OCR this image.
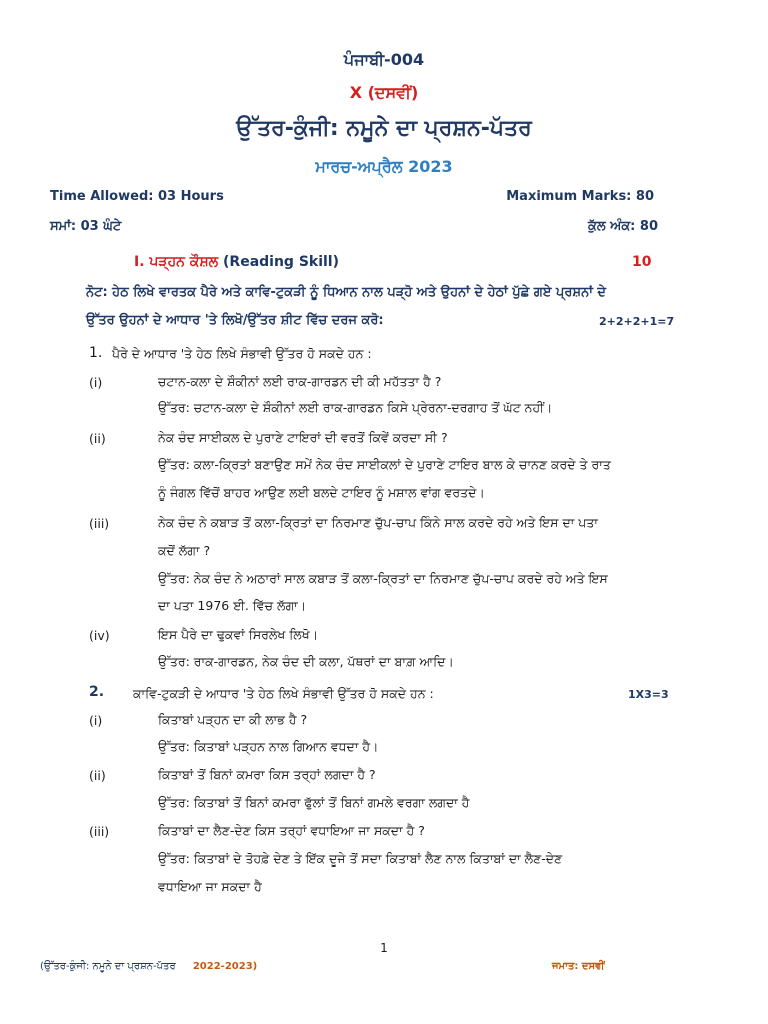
ਪੰਜਾਬੀ-004
X (ਦਸਵੀਂ)
ਉੱਤਰ-ਕੁੰਜੀ: ਨਮੂਨੇ ਦਾ ਪ੍ਰਸ਼ਨ-ਪੱਤਰ
ਮਾਰਚ-ਅਪ੍ਰੈਲ 2023
Time Allowed: 03 Hours	Maximum Marks: 80
ਸਮਾਂ: 03 ਘੰਟੇ	ਕੁੱਲ ਅੰਕ: 80
I. ਪੜ੍ਹਨ ਕੌਸ਼ਲ (Reading Skill)	10
ਨੋਟ: ਹੇਠ ਲਿਖੇ ਵਾਰਤਕ ਪੈਰੇ ਅਤੇ ਕਾਵਿ-ਟੁਕੜੀ ਨੂੰ ਧਿਆਨ ਨਾਲ ਪੜ੍ਹੋ ਅਤੇ ਉਹਨਾਂ ਦੇ ਹੇਠਾਂ ਪੁੱਛੇ ਗਏ ਪ੍ਰਸ਼ਨਾਂ ਦੇ
ਉੱਤਰ ਉਹਨਾਂ ਦੇ ਆਧਾਰ 'ਤੇ ਲਿਖੋ/ਉੱਤਰ ਸ਼ੀਟ ਵਿੱਚ ਦਰਜ ਕਰੋ:	2+2+2+1=7
1. ਪੈਰੇ ਦੇ ਆਧਾਰ 'ਤੇ ਹੇਠ ਲਿਖੇ ਸੰਭਾਵੀ ਉੱਤਰ ਹੋ ਸਕਦੇ ਹਨ :
(i)	ਚਟਾਨ-ਕਲਾ ਦੇ ਸ਼ੌਕੀਨਾਂ ਲਈ ਰਾਕ-ਗਾਰਡਨ ਦੀ ਕੀ ਮਹੱਤਤਾ ਹੈ ?
ਉੱਤਰ: ਚਟਾਨ-ਕਲਾ ਦੇ ਸ਼ੌਕੀਨਾਂ ਲਈ ਰਾਕ-ਗਾਰਡਨ ਕਿਸੇ ਪ੍ਰੇਰਨਾ-ਦਰਗਾਹ ਤੋਂ ਘੱਟ ਨਹੀਂ।
(ii)	ਨੇਕ ਚੰਦ ਸਾਈਕਲ ਦੇ ਪੁਰਾਣੇ ਟਾਇਰਾਂ ਦੀ ਵਰਤੋਂ ਕਿਵੇਂ ਕਰਦਾ ਸੀ ?
ਉੱਤਰ: ਕਲਾ-ਕ੍ਰਿਤਾਂ ਬਣਾਉਣ ਸਮੇਂ ਨੇਕ ਚੰਦ ਸਾਈਕਲਾਂ ਦੇ ਪੁਰਾਣੇ ਟਾਇਰ ਬਾਲ ਕੇ ਚਾਨਣ ਕਰਦੇ ਤੇ ਰਾਤ
ਨੂੰ ਜੰਗਲ ਵਿੱਚੋਂ ਬਾਹਰ ਆਉਣ ਲਈ ਬਲਦੇ ਟਾਇਰ ਨੂੰ ਮਸ਼ਾਲ ਵਾਂਗ ਵਰਤਦੇ।
(iii)	ਨੇਕ ਚੰਦ ਨੇ ਕਬਾੜ ਤੋਂ ਕਲਾ-ਕ੍ਰਿਤਾਂ ਦਾ ਨਿਰਮਾਣ ਚੁੱਪ-ਚਾਪ ਕਿੰਨੇ ਸਾਲ ਕਰਦੇ ਰਹੇ ਅਤੇ ਇਸ ਦਾ ਪਤਾ
ਕਦੋਂ ਲੱਗਾ ?
ਉੱਤਰ: ਨੇਕ ਚੰਦ ਨੇ ਅਠਾਰਾਂ ਸਾਲ ਕਬਾੜ ਤੋਂ ਕਲਾ-ਕ੍ਰਿਤਾਂ ਦਾ ਨਿਰਮਾਣ ਚੁੱਪ-ਚਾਪ ਕਰਦੇ ਰਹੇ ਅਤੇ ਇਸ
ਦਾ ਪਤਾ 1976 ਈ. ਵਿੱਚ ਲੱਗਾ।
(iv)	ਇਸ ਪੈਰੇ ਦਾ ਢੁਕਵਾਂ ਸਿਰਲੇਖ ਲਿਖੋ।
ਉੱਤਰ: ਰਾਕ-ਗਾਰਡਨ, ਨੇਕ ਚੰਦ ਦੀ ਕਲਾ, ਪੱਥਰਾਂ ਦਾ ਬਾਗ਼ ਆਦਿ।
2. ਕਾਵਿ-ਟੁਕੜੀ ਦੇ ਆਧਾਰ 'ਤੇ ਹੇਠ ਲਿਖੇ ਸੰਭਾਵੀ ਉੱਤਰ ਹੋ ਸਕਦੇ ਹਨ :	1X3=3
(i)	ਕਿਤਾਬਾਂ ਪੜ੍ਹਨ ਦਾ ਕੀ ਲਾਭ ਹੈ ?
ਉੱਤਰ: ਕਿਤਾਬਾਂ ਪੜ੍ਹਨ ਨਾਲ ਗਿਆਨ ਵਧਦਾ ਹੈ।
(ii)	ਕਿਤਾਬਾਂ ਤੋਂ ਬਿਨਾਂ ਕਮਰਾ ਕਿਸ ਤਰ੍ਹਾਂ ਲਗਦਾ ਹੈ ?
ਉੱਤਰ: ਕਿਤਾਬਾਂ ਤੋਂ ਬਿਨਾਂ ਕਮਰਾ ਫੁੱਲਾਂ ਤੋਂ ਬਿਨਾਂ ਗਮਲੇ ਵਰਗਾ ਲਗਦਾ ਹੈ
(iii)	ਕਿਤਾਬਾਂ ਦਾ ਲੈਣ-ਦੇਣ ਕਿਸ ਤਰ੍ਹਾਂ ਵਧਾਇਆ ਜਾ ਸਕਦਾ ਹੈ ?
ਉੱਤਰ: ਕਿਤਾਬਾਂ ਦੇ ਤੋਹਫ਼ੇ ਦੇਣ ਤੇ ਇੱਕ ਦੂਜੇ ਤੋਂ ਸਦਾ ਕਿਤਾਬਾਂ ਲੈਣ ਨਾਲ ਕਿਤਾਬਾਂ ਦਾ ਲੈਣ-ਦੇਣ
ਵਧਾਇਆ ਜਾ ਸਕਦਾ ਹੈ
1
(ਉੱਤਰ-ਕੁੰਜੀ: ਨਮੂਨੇ ਦਾ ਪ੍ਰਸ਼ਨ-ਪੱਤਰ 2022-2023)	ਜਮਾਤ: ਦਸਵੀਂ
